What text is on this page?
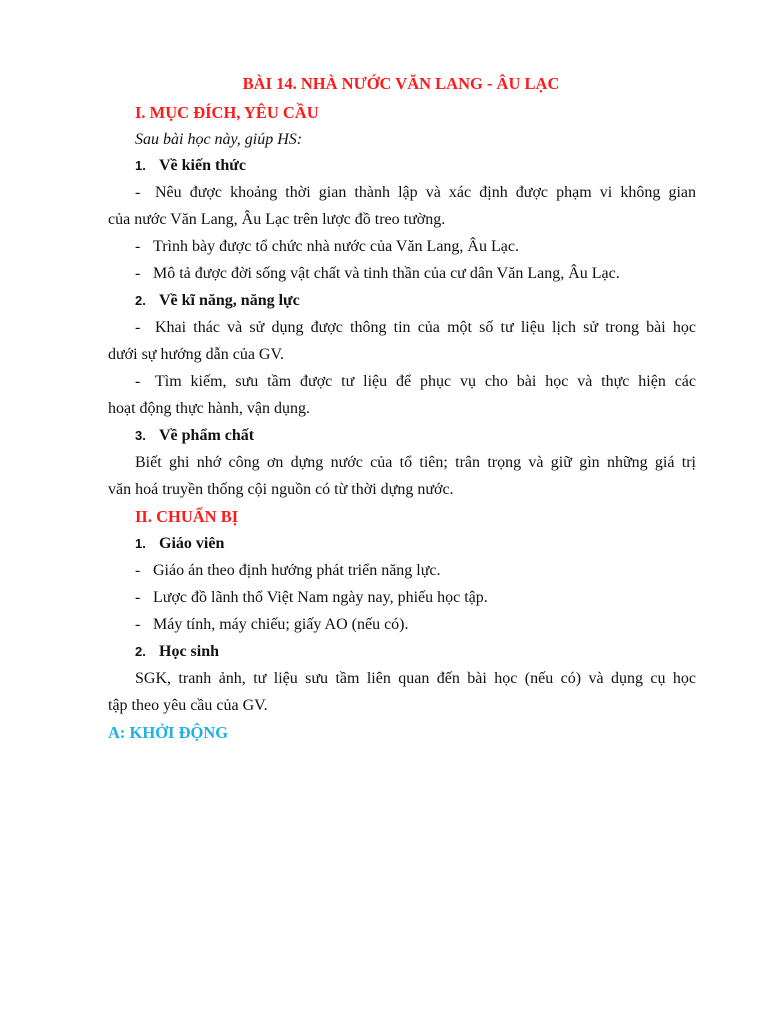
BÀI 14. NHÀ NƯỚC VĂN LANG - ÂU LẠC
I. MỤC ĐÍCH, YÊU CẦU
Sau bài học này, giúp HS:
1. Về kiến thức
- Nêu được khoảng thời gian thành lập và xác định được phạm vi không gian
của nước Văn Lang, Âu Lạc trên lược đồ treo tường.
- Trình bày được tổ chức nhà nước của Văn Lang, Âu Lạc.
- Mô tả được đời sống vật chất và tinh thần của cư dân Văn Lang, Âu Lạc.
2. Về kĩ năng, năng lực
- Khai thác và sử dụng được thông tin của một số tư liệu lịch sử trong bài học
dưới sự hướng dẫn của GV.
- Tìm kiếm, sưu tầm được tư liệu để phục vụ cho bài học và thực hiện các
hoạt động thực hành, vận dụng.
3. Về phẩm chất
Biết ghi nhớ công ơn dựng nước của tổ tiên; trân trọng và giữ gìn những giá trị
văn hoá truyền thống cội nguồn có từ thời dựng nước.
II. CHUẨN BỊ
1. Giáo viên
- Giáo án theo định hướng phát triển năng lực.
- Lược đồ lãnh thổ Việt Nam ngày nay, phiếu học tập.
- Máy tính, máy chiếu; giấy AO (nếu có).
2. Học sinh
SGK, tranh ảnh, tư liệu sưu tầm liên quan đến bài học (nếu có) và dụng cụ học
tập theo yêu cầu của GV.
A: KHỞI ĐỘNG
